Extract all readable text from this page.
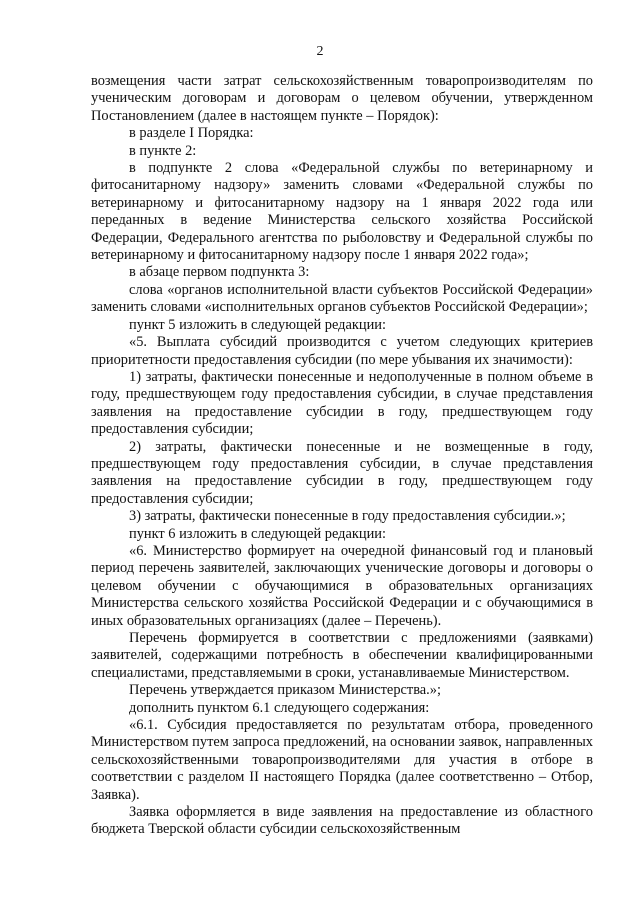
2

возмещения части затрат сельскохозяйственным товаропроизводителям по ученическим договорам и договорам о целевом обучении, утвержденном Постановлением (далее в настоящем пункте – Порядок):

в разделе I Порядка:

в пункте 2:

в подпункте 2 слова «Федеральной службы по ветеринарному и фитосанитарному надзору» заменить словами «Федеральной службы по ветеринарному и фитосанитарному надзору на 1 января 2022 года или переданных в ведение Министерства сельского хозяйства Российской Федерации, Федерального агентства по рыболовству и Федеральной службы по ветеринарному и фитосанитарному надзору после 1 января 2022 года»;

в абзаце первом подпункта 3:

слова «органов исполнительной власти субъектов Российской Федерации» заменить словами «исполнительных органов субъектов Российской Федерации»;

пункт 5 изложить в следующей редакции:

«5. Выплата субсидий производится с учетом следующих критериев приоритетности предоставления субсидии (по мере убывания их значимости):

1) затраты, фактически понесенные и недополученные в полном объеме в году, предшествующем году предоставления субсидии, в случае представления заявления на предоставление субсидии в году, предшествующем году предоставления субсидии;

2) затраты, фактически понесенные и не возмещенные в году, предшествующем году предоставления субсидии, в случае представления заявления на предоставление субсидии в году, предшествующем году предоставления субсидии;

3) затраты, фактически понесенные в году предоставления субсидии.»;

пункт 6 изложить в следующей редакции:

«6. Министерство формирует на очередной финансовый год и плановый период перечень заявителей, заключающих ученические договоры и договоры о целевом обучении с обучающимися в образовательных организациях Министерства сельского хозяйства Российской Федерации и с обучающимися в иных образовательных организациях (далее – Перечень).

Перечень формируется в соответствии с предложениями (заявками) заявителей, содержащими потребность в обеспечении квалифицированными специалистами, представляемыми в сроки, устанавливаемые Министерством.

Перечень утверждается приказом Министерства.»;

дополнить пунктом 6.1 следующего содержания:

«6.1. Субсидия предоставляется по результатам отбора, проведенного Министерством путем запроса предложений, на основании заявок, направленных сельскохозяйственными товаропроизводителями для участия в отборе в соответствии с разделом II настоящего Порядка (далее соответственно – Отбор, Заявка).

Заявка оформляется в виде заявления на предоставление из областного бюджета Тверской области субсидии сельскохозяйственным
